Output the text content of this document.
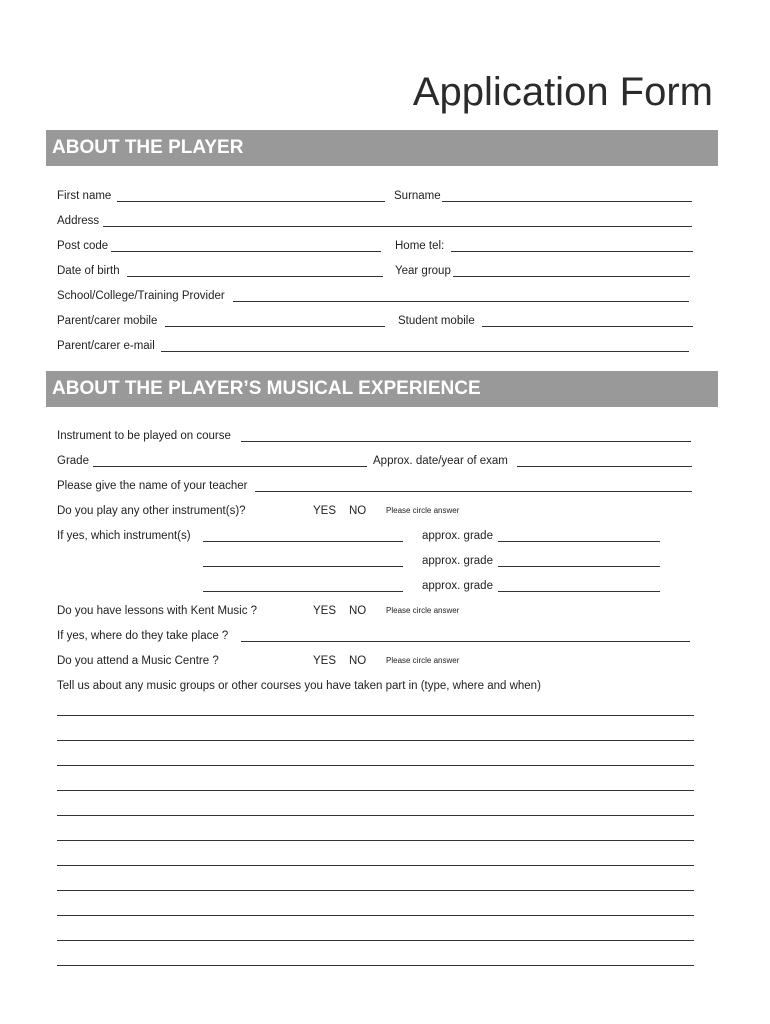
Application Form
ABOUT THE PLAYER
First name	Surname
Address
Post code	Home tel:
Date of birth	Year group
School/College/Training Provider
Parent/carer mobile	Student mobile
Parent/carer e-mail
ABOUT THE PLAYER’S MUSICAL EXPERIENCE
Instrument to be played on course
Grade	Approx. date/year of exam
Please give the name of your teacher
Do you play any other instrument(s)?	YES NO Please circle answer
If yes, which instrument(s)	approx. grade
approx. grade
approx. grade
Do you have lessons with Kent Music ?	YES NO Please circle answer
If yes, where do they take place ?
Do you attend a Music Centre ?	YES NO Please circle answer
Tell us about any music groups or other courses you have taken part in (type, where and when)
